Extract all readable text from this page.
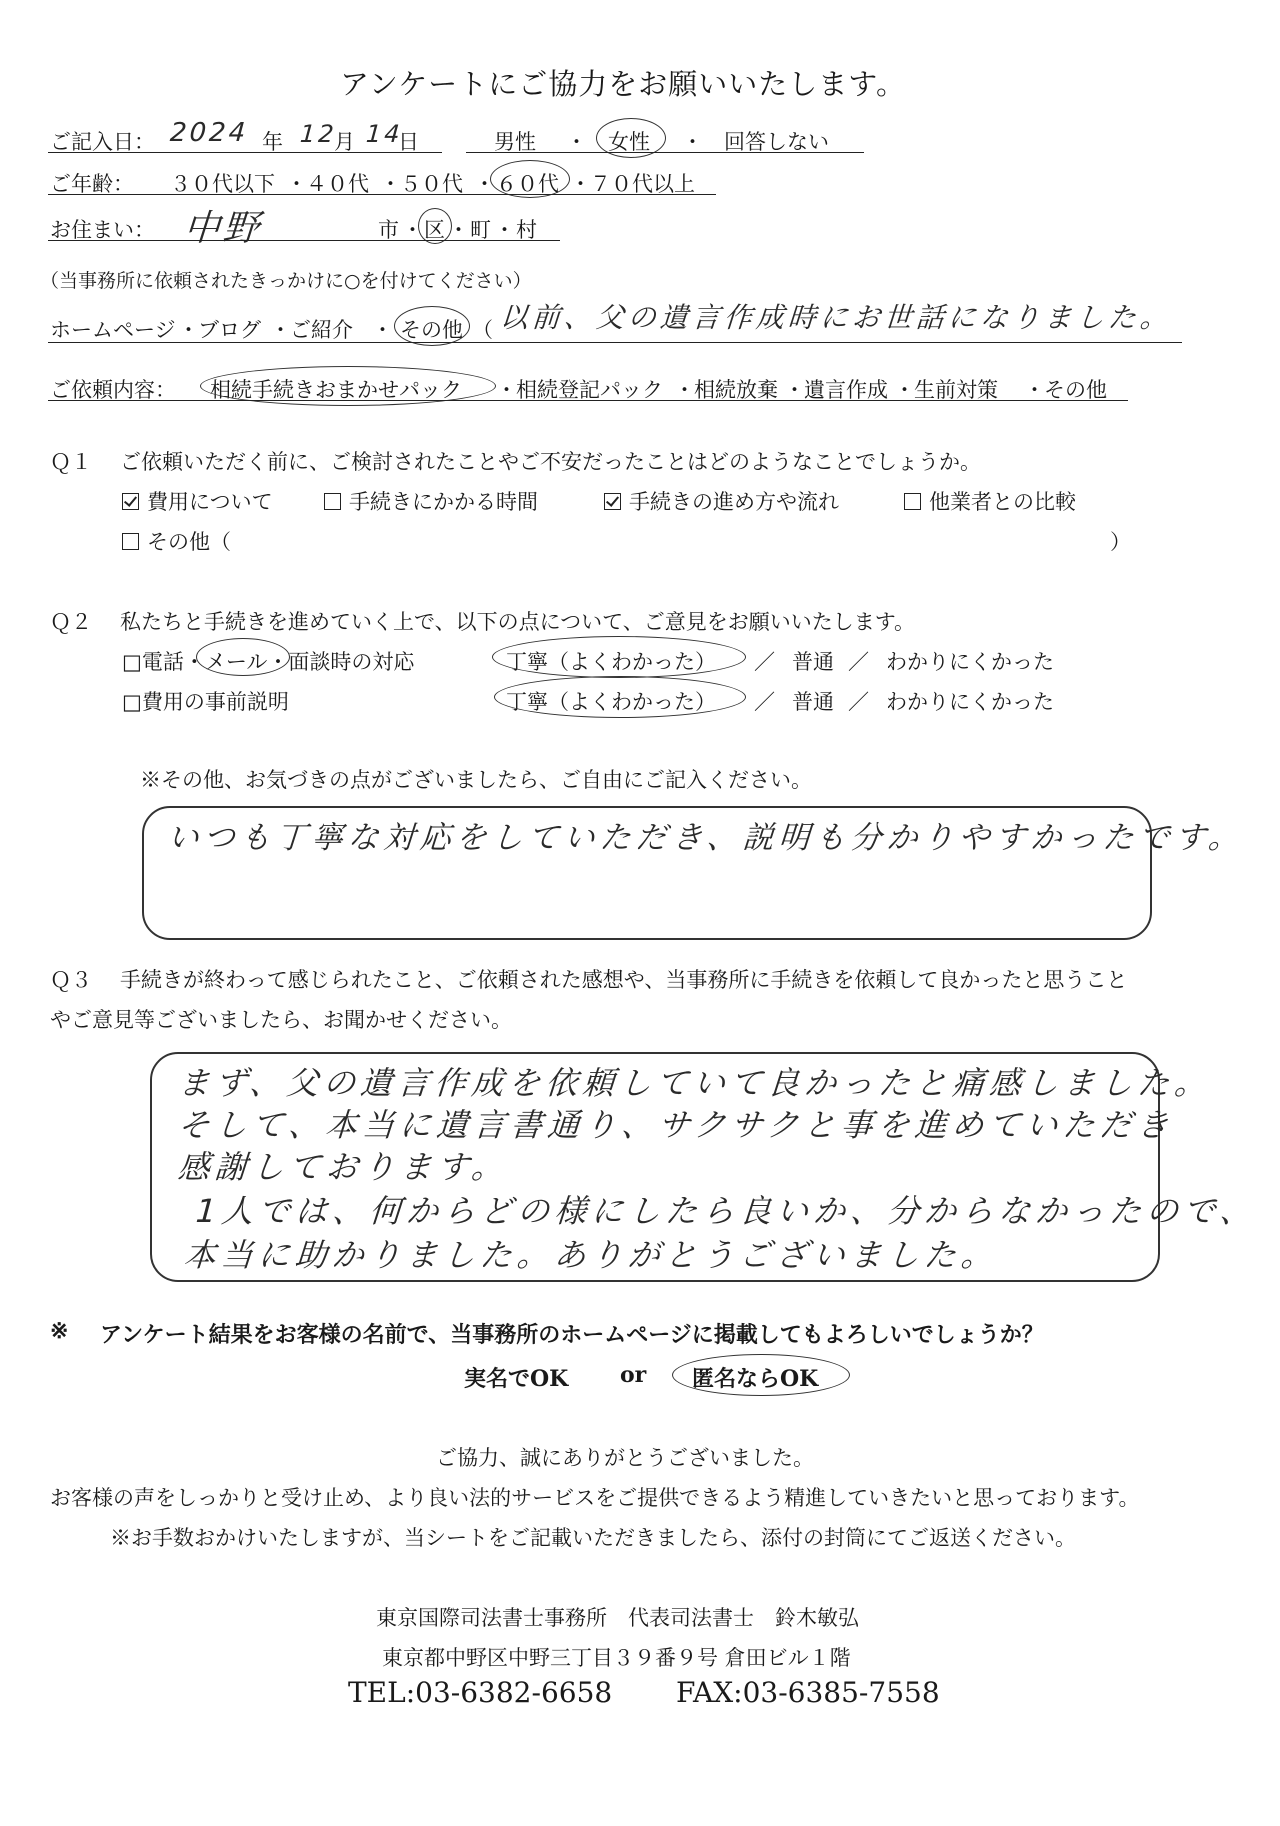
アンケートにご協力をお願いいたします。
ご記入日： 2024 年 12
月 14
日	男性 ・ 女性 ・ 回答しない
ご年齢： ３０代以下 ・ ４０代 ・ ５０代 ・ ６０代 ・ ７０代以上
お住まい： 中野	市 ・ 区 ・ 町 ・ 村
（当事務所に依頼されたきっかけに○を付けてください）
ホームページ ・ ブログ ・ ご紹介 ・ その他 （ 以前、父の遺言作成時にお世話になりました。
ご依頼内容： 相続手続きおまかせパック ・ 相続登記パック ・ 相続放棄 ・ 遺言作成 ・ 生前対策 ・ その他
Ｑ１ ご依頼いただく前に、ご検討されたことやご不安だったことはどのようなことでしょうか。
費用について	手続きにかかる時間	手続きの進め方や流れ	他業者との比較
その他（	）
Ｑ２ 私たちと手続きを進めていく上で、以下の点について、ご意見をお願いいたします。
□電話・メール・面談時の対応	丁寧（よくわかった） ／ 普通 ／ わかりにくかった
□費用の事前説明	丁寧（よくわかった） ／ 普通 ／ わかりにくかった
※その他、お気づきの点がございましたら、ご自由にご記入ください。
いつも丁寧な対応をしていただき、説明も分かりやすかったです。
Ｑ３ 手続きが終わって感じられたこと、ご依頼された感想や、当事務所に手続きを依頼して良かったと思うこと
やご意見等ございましたら、お聞かせください。
まず、父の遺言作成を依頼していて良かったと痛感しました。
そして、本当に遺言書通り、サクサクと事を進めていただき
感謝しております。
1人では、何からどの様にしたら良いか、分からなかったので、
本当に助かりました。ありがとうございました。
※ アンケート結果をお客様の名前で、当事務所のホームページに掲載してもよろしいでしょうか？
実名でOK or 匿名ならOK
ご協力、誠にありがとうございました。
お客様の声をしっかりと受け止め、より良い法的サービスをご提供できるよう精進していきたいと思っております。
※お手数おかけいたしますが、当シートをご記載いただきましたら、添付の封筒にてご返送ください。
東京国際司法書士事務所　代表司法書士　鈴木敏弘
東京都中野区中野三丁目３９番９号 倉田ビル１階
TEL:03-6382-6658 FAX:03-6385-7558
